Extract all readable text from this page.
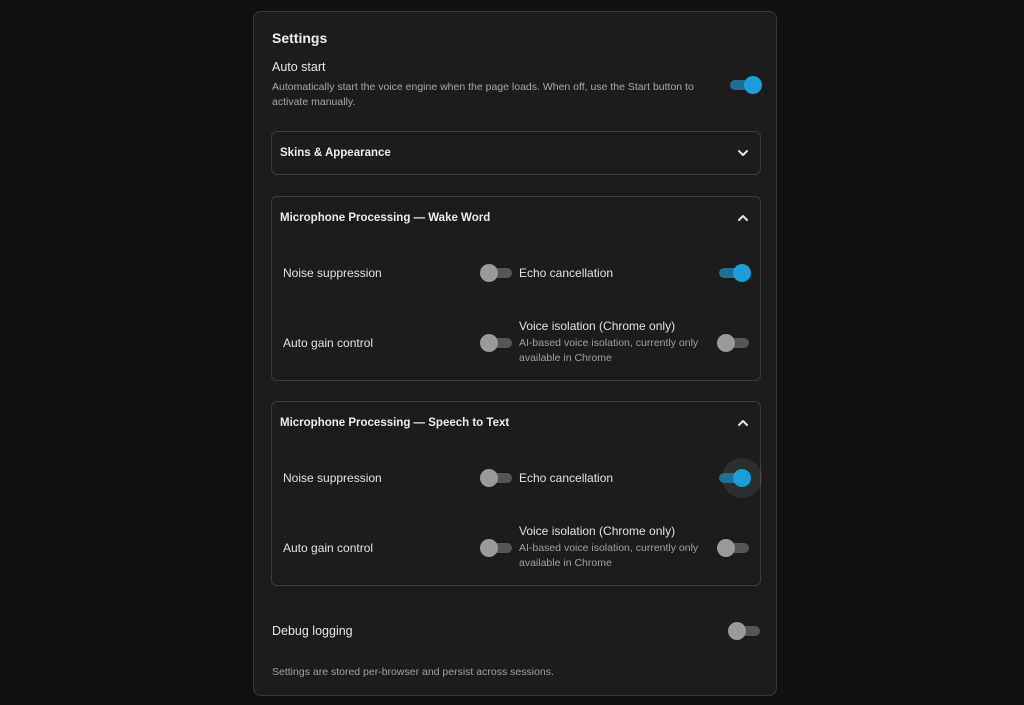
Settings
Auto start
Automatically start the voice engine when the page loads. When off, use the Start button to activate manually.
Skins & Appearance
Microphone Processing — Wake Word
Noise suppression	Echo cancellation
Auto gain control
Voice isolation (Chrome only)
AI-based voice isolation, currently only available in Chrome
Microphone Processing — Speech to Text
Noise suppression	Echo cancellation
Auto gain control
Voice isolation (Chrome only)
AI-based voice isolation, currently only available in Chrome
Debug logging
Settings are stored per-browser and persist across sessions.
